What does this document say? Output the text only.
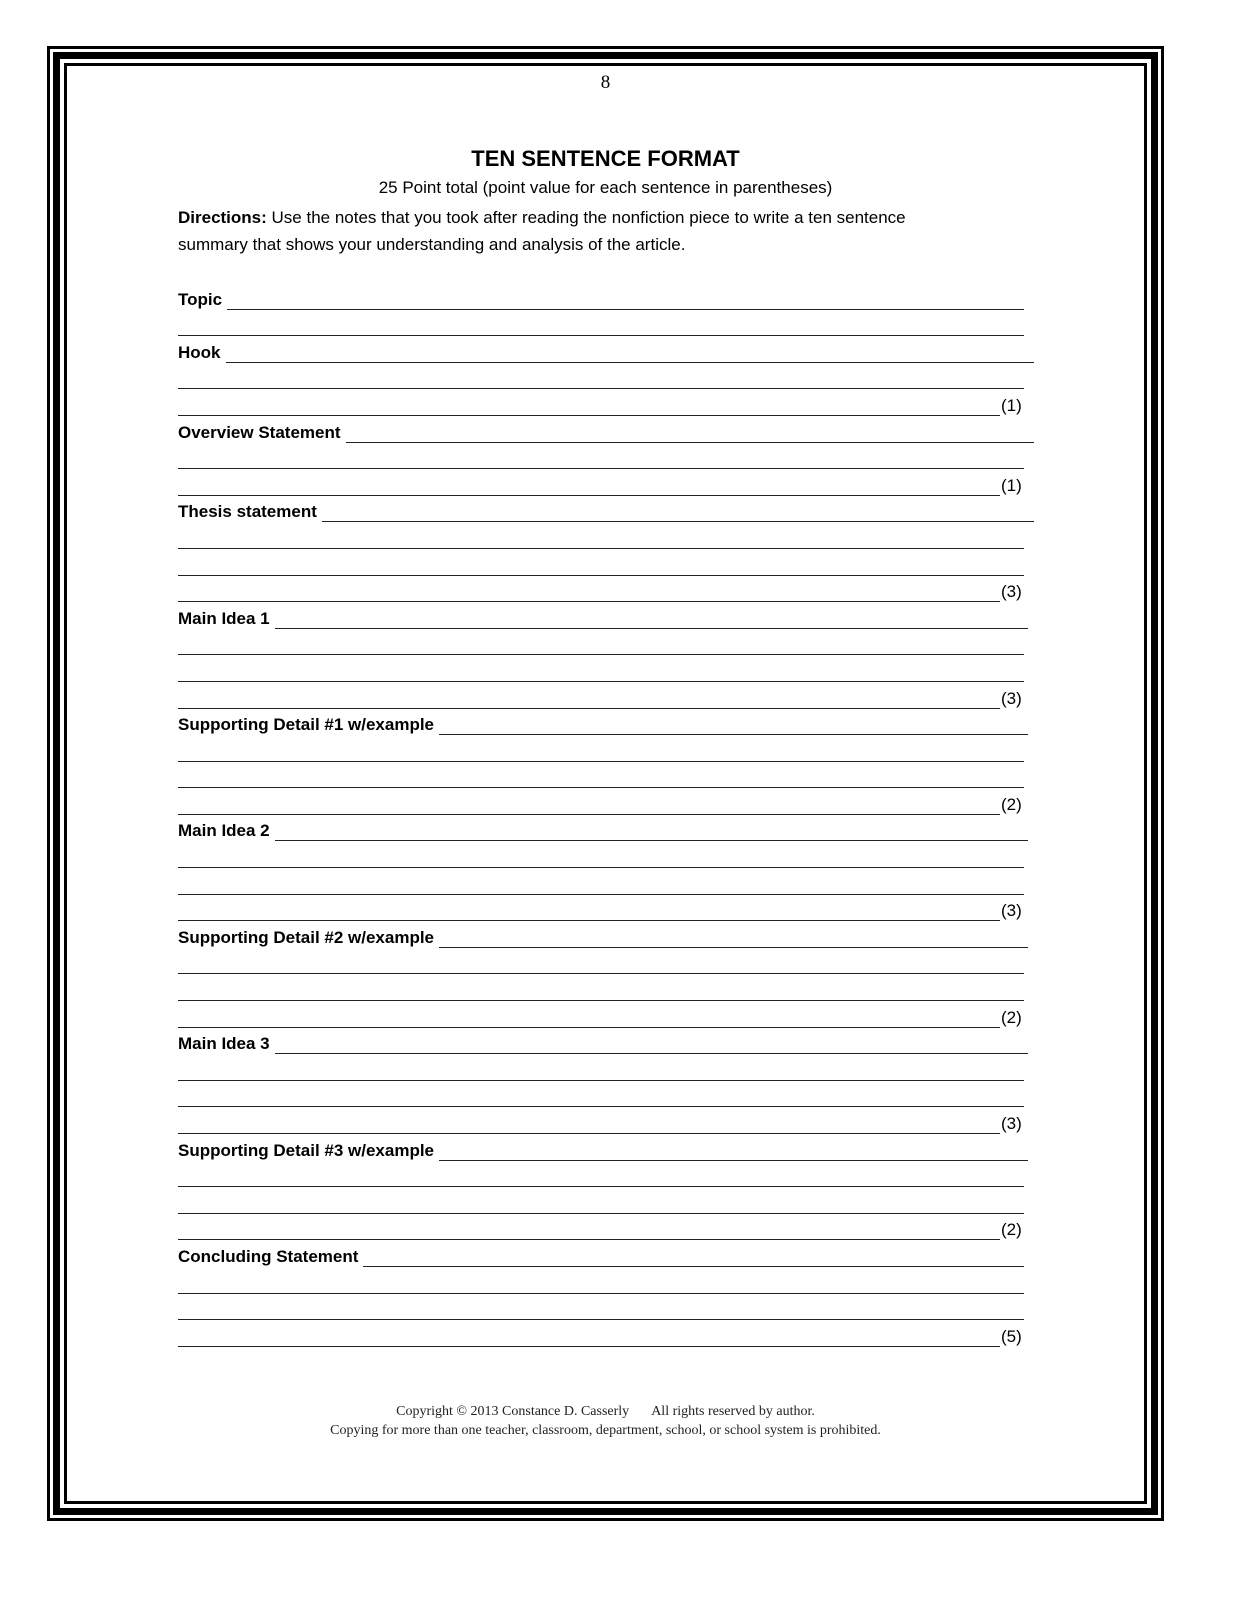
8
TEN SENTENCE FORMAT
25 Point total (point value for each sentence in parentheses)
Directions: Use the notes that you took after reading the nonfiction piece to write a ten sentence summary that shows your understanding and analysis of the article.
Topic
Hook
(1)
Overview Statement
(1)
Thesis statement
(3)
Main Idea 1
(3)
Supporting Detail #1 w/example
(2)
Main Idea 2
(3)
Supporting Detail #2 w/example
(2)
Main Idea 3
(3)
Supporting Detail #3 w/example
(2)
Concluding Statement
(5)
Copyright © 2013 Constance D. Casserly All rights reserved by author.
Copying for more than one teacher, classroom, department, school, or school system is prohibited.
